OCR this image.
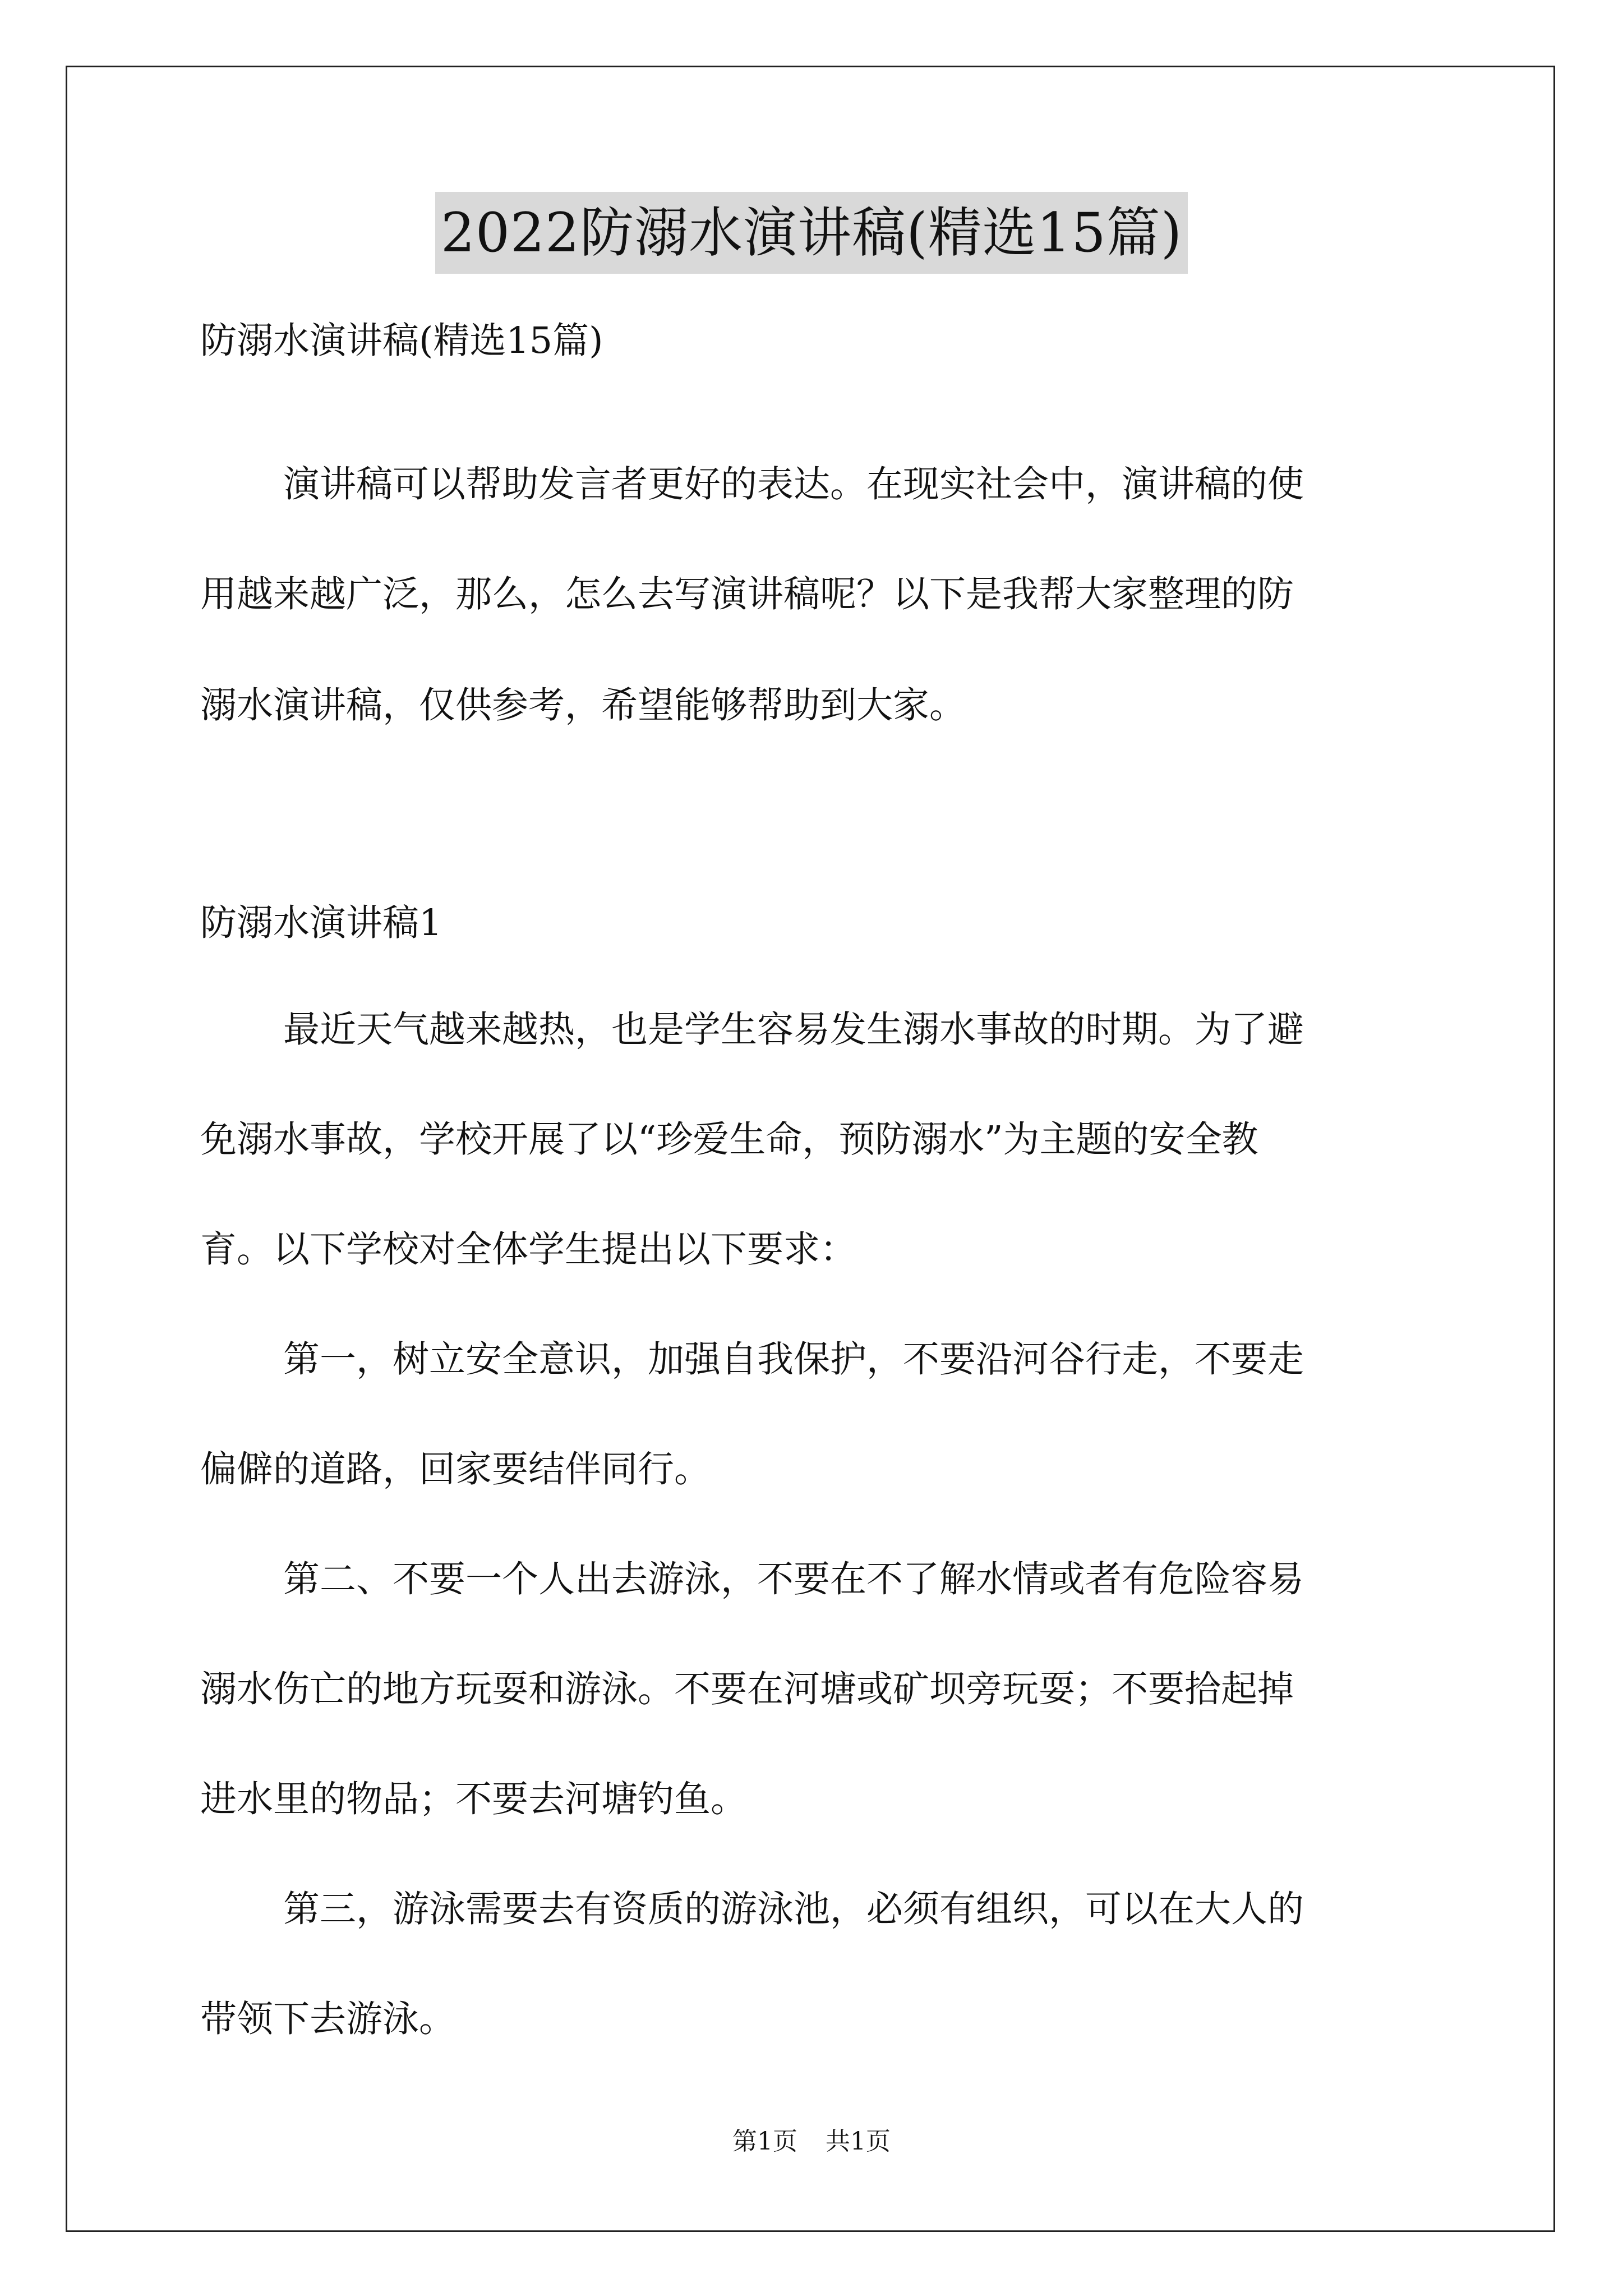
2022防溺水演讲稿(精选15篇)
防溺水演讲稿(精选15篇)
演讲稿可以帮助发言者更好的表达。在现实社会中，演讲稿的使
用越来越广泛，那么，怎么去写演讲稿呢？以下是我帮大家整理的防
溺水演讲稿，仅供参考，希望能够帮助到大家。
防溺水演讲稿1
最近天气越来越热，也是学生容易发生溺水事故的时期。为了避
免溺水事故，学校开展了以“珍爱生命，预防溺水”为主题的安全教
育。以下学校对全体学生提出以下要求：
第一，树立安全意识，加强自我保护，不要沿河谷行走，不要走
偏僻的道路，回家要结伴同行。
第二、不要一个人出去游泳，不要在不了解水情或者有危险容易
溺水伤亡的地方玩耍和游泳。不要在河塘或矿坝旁玩耍；不要拾起掉
进水里的物品；不要去河塘钓鱼。
第三，游泳需要去有资质的游泳池，必须有组织，可以在大人的
带领下去游泳。
第1页 共1页
